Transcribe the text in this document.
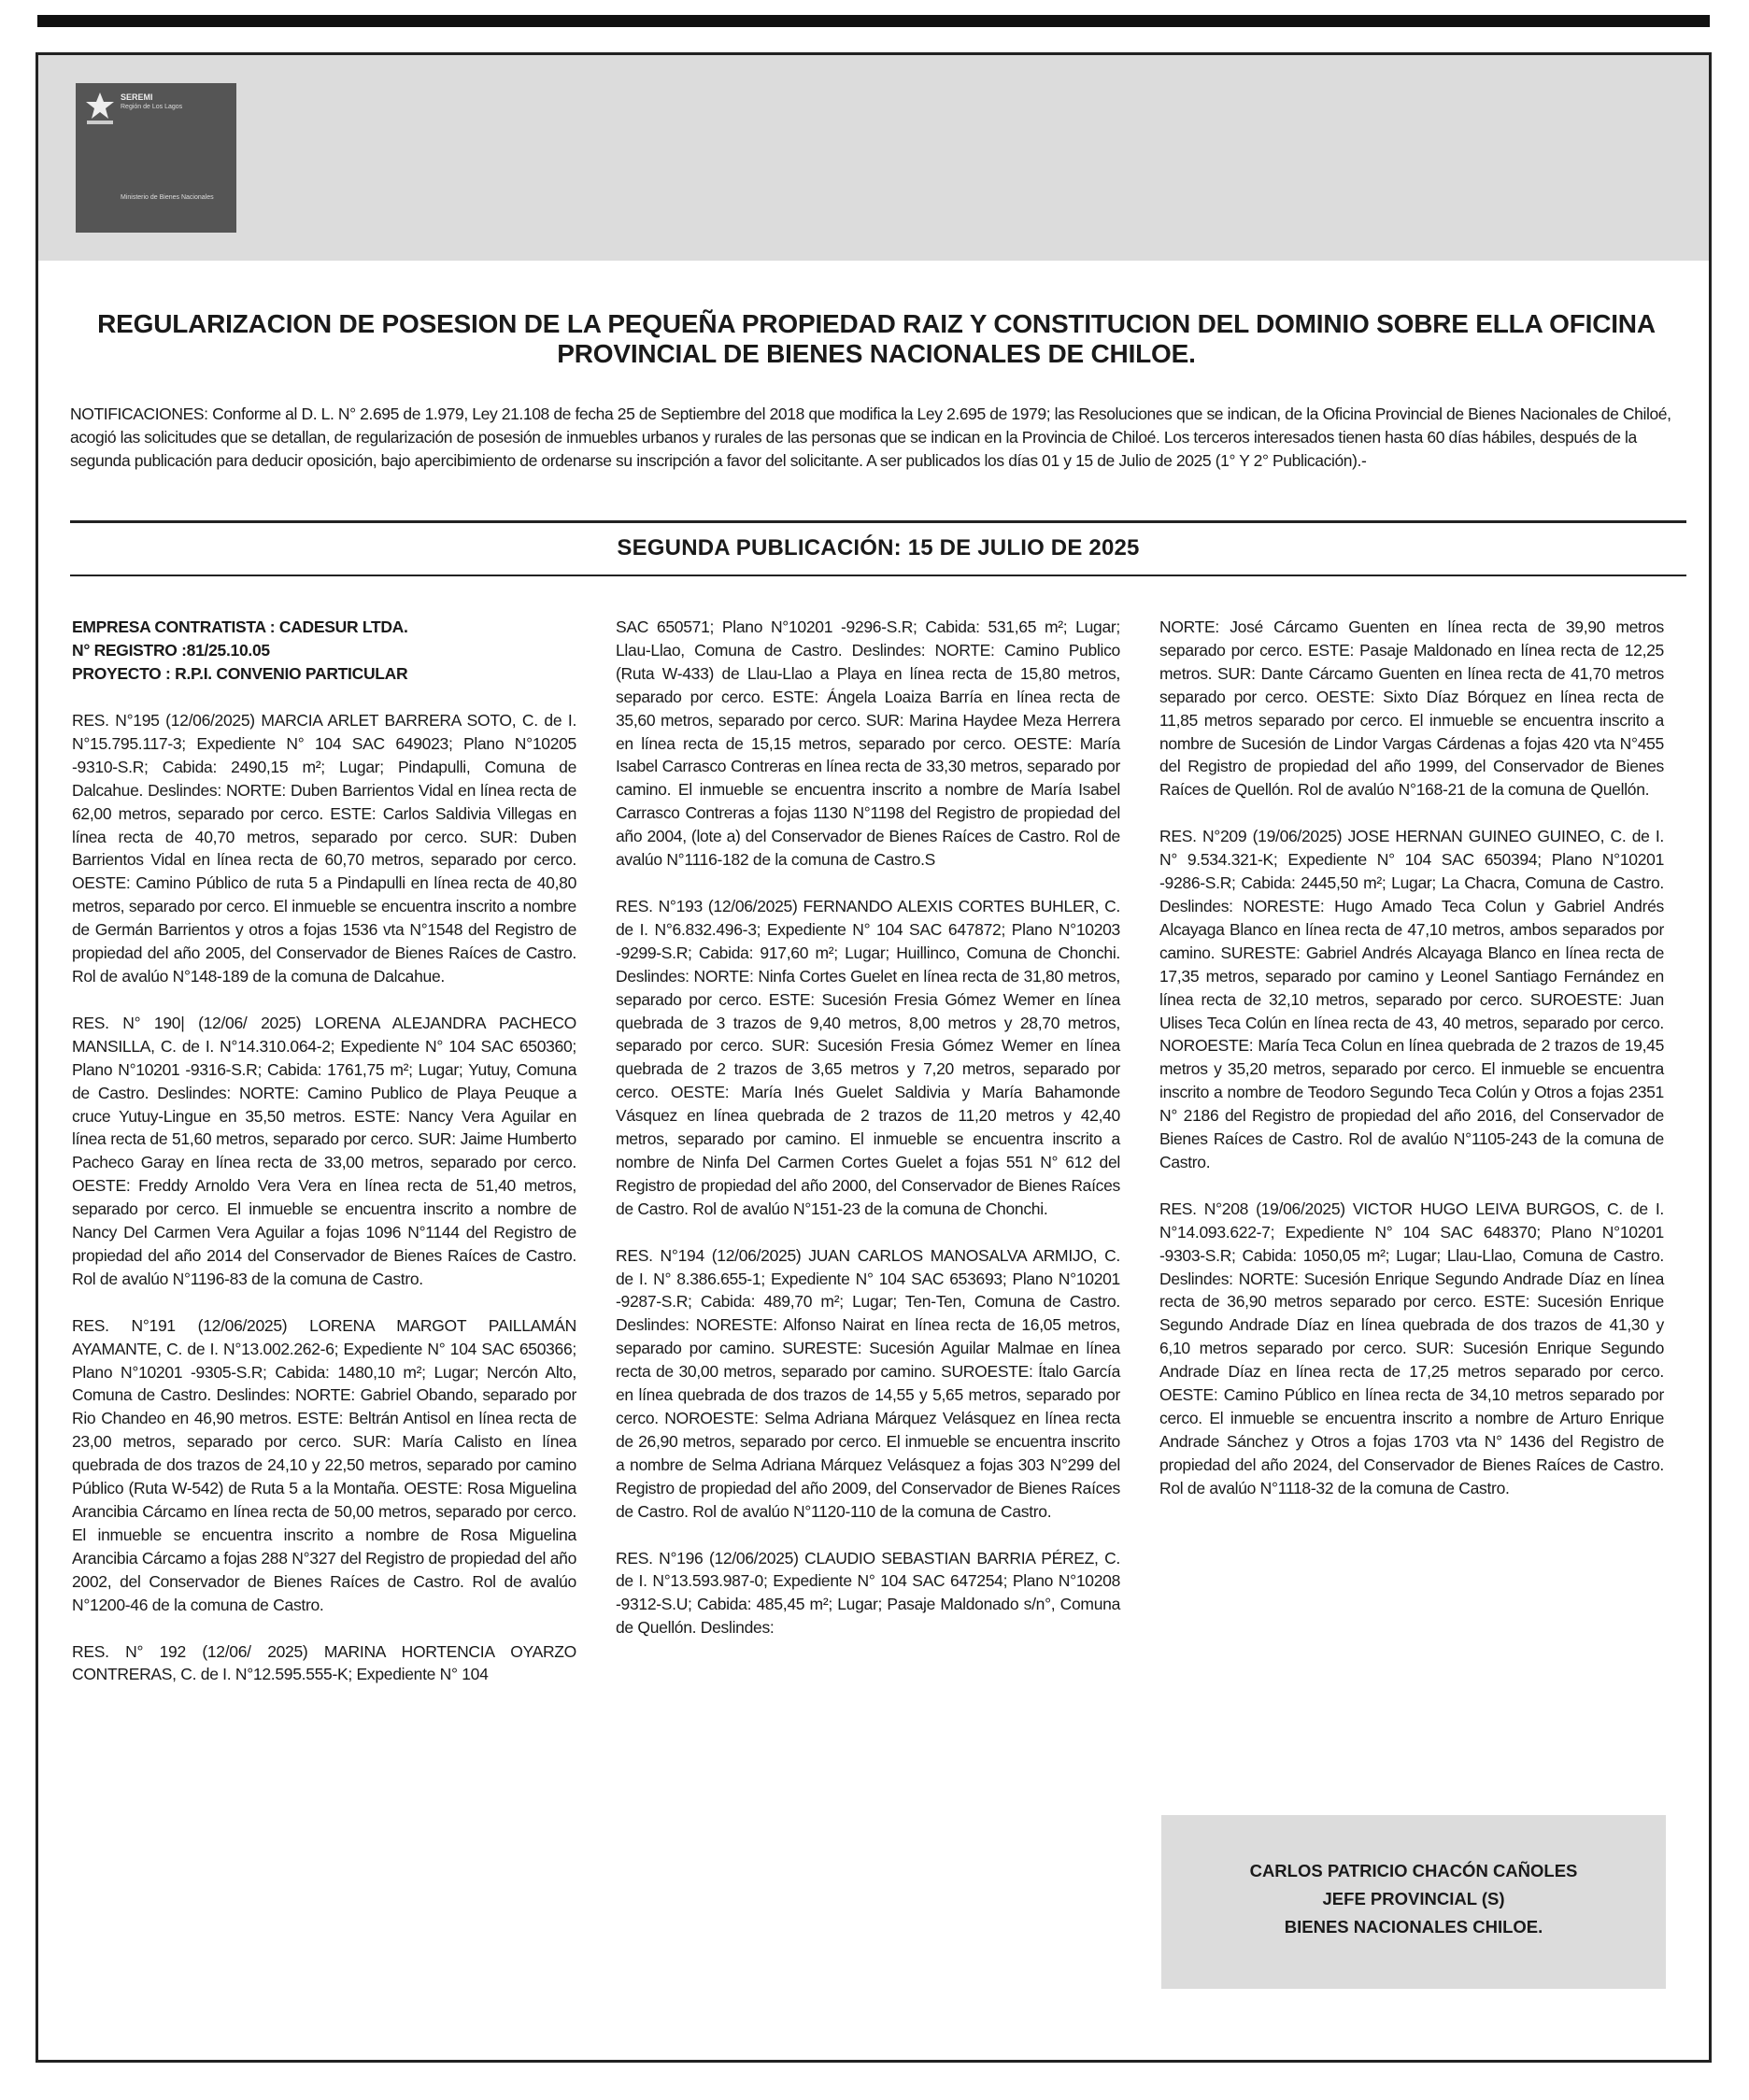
SEREMI
Región de Los Lagos
Ministerio de Bienes Nacionales
REGULARIZACION DE POSESION DE LA PEQUEÑA PROPIEDAD RAIZ Y CONSTITUCION DEL DOMINIO SOBRE ELLA OFICINA PROVINCIAL DE BIENES NACIONALES DE CHILOE.
NOTIFICACIONES: Conforme al D. L. N° 2.695 de 1.979, Ley 21.108 de fecha 25 de Septiembre del 2018 que modifica la Ley 2.695 de 1979; las Resoluciones que se indican, de la Oficina Provincial de Bienes Nacionales de Chiloé, acogió las solicitudes que se detallan, de regularización de posesión de inmuebles urbanos y rurales de las personas que se indican en la Provincia de Chiloé. Los terceros interesados tienen hasta 60 días hábiles, después de la segunda publicación para deducir oposición, bajo apercibimiento de ordenarse su inscripción a favor del solicitante. A ser publicados los días 01 y 15 de Julio de 2025 (1° Y 2° Publicación).-
SEGUNDA PUBLICACIÓN: 15 DE JULIO DE 2025
EMPRESA CONTRATISTA : CADESUR LTDA.
N° REGISTRO :81/25.10.05
PROYECTO : R.P.I. CONVENIO PARTICULAR

RES. N°195 (12/06/2025) MARCIA ARLET BARRERA SOTO, C. de I. N°15.795.117-3; Expediente N° 104 SAC 649023; Plano N°10205 -9310-S.R; Cabida: 2490,15 m²; Lugar; Pindapulli, Comuna de Dalcahue. Deslindes: NORTE: Duben Barrientos Vidal en línea recta de 62,00 metros, separado por cerco. ESTE: Carlos Saldivia Villegas en línea recta de 40,70 metros, separado por cerco. SUR: Duben Barrientos Vidal en línea recta de 60,70 metros, separado por cerco. OESTE: Camino Público de ruta 5 a Pindapulli en línea recta de 40,80 metros, separado por cerco. El inmueble se encuentra inscrito a nombre de Germán Barrientos y otros a fojas 1536 vta N°1548 del Registro de propiedad del año 2005, del Conservador de Bienes Raíces de Castro. Rol de avalúo N°148-189 de la comuna de Dalcahue.

RES. N° 190| (12/06/ 2025) LORENA ALEJANDRA PACHECO MANSILLA, C. de I. N°14.310.064-2; Expediente N° 104 SAC 650360; Plano N°10201 -9316-S.R; Cabida: 1761,75 m²; Lugar; Yutuy, Comuna de Castro. Deslindes: NORTE: Camino Publico de Playa Peuque a cruce Yutuy-Lingue en 35,50 metros. ESTE: Nancy Vera Aguilar en línea recta de 51,60 metros, separado por cerco. SUR: Jaime Humberto Pacheco Garay en línea recta de 33,00 metros, separado por cerco. OESTE: Freddy Arnoldo Vera Vera en línea recta de 51,40 metros, separado por cerco. El inmueble se encuentra inscrito a nombre de Nancy Del Carmen Vera Aguilar a fojas 1096 N°1144 del Registro de propiedad del año 2014 del Conservador de Bienes Raíces de Castro. Rol de avalúo N°1196-83 de la comuna de Castro.

RES. N°191 (12/06/2025) LORENA MARGOT PAILLAMÁN AYAMANTE, C. de I. N°13.002.262-6; Expediente N° 104 SAC 650366; Plano N°10201 -9305-S.R; Cabida: 1480,10 m²; Lugar; Nercón Alto, Comuna de Castro. Deslindes: NORTE: Gabriel Obando, separado por Rio Chandeo en 46,90 metros. ESTE: Beltrán Antisol en línea recta de 23,00 metros, separado por cerco. SUR: María Calisto en línea quebrada de dos trazos de 24,10 y 22,50 metros, separado por camino Público (Ruta W-542) de Ruta 5 a la Montaña. OESTE: Rosa Miguelina Arancibia Cárcamo en línea recta de 50,00 metros, separado por cerco. El inmueble se encuentra inscrito a nombre de Rosa Miguelina Arancibia Cárcamo a fojas 288 N°327 del Registro de propiedad del año 2002, del Conservador de Bienes Raíces de Castro. Rol de avalúo N°1200-46 de la comuna de Castro.

RES. N° 192 (12/06/ 2025) MARINA HORTENCIA OYARZO CONTRERAS, C. de I. N°12.595.555-K; Expediente N° 104

SAC 650571; Plano N°10201 -9296-S.R; Cabida: 531,65 m²; Lugar; Llau-Llao, Comuna de Castro. Deslindes: NORTE: Camino Publico (Ruta W-433) de Llau-Llao a Playa en línea recta de 15,80 metros, separado por cerco. ESTE: Ángela Loaiza Barría en línea recta de 35,60 metros, separado por cerco. SUR: Marina Haydee Meza Herrera en línea recta de 15,15 metros, separado por cerco. OESTE: María Isabel Carrasco Contreras en línea recta de 33,30 metros, separado por camino. El inmueble se encuentra inscrito a nombre de María Isabel Carrasco Contreras a fojas 1130 N°1198 del Registro de propiedad del año 2004, (lote a) del Conservador de Bienes Raíces de Castro. Rol de avalúo N°1116-182 de la comuna de Castro.S

RES. N°193 (12/06/2025) FERNANDO ALEXIS CORTES BUHLER, C. de I. N°6.832.496-3; Expediente N° 104 SAC 647872; Plano N°10203 -9299-S.R; Cabida: 917,60 m²; Lugar; Huillinco, Comuna de Chonchi. Deslindes: NORTE: Ninfa Cortes Guelet en línea recta de 31,80 metros, separado por cerco. ESTE: Sucesión Fresia Gómez Wemer en línea quebrada de 3 trazos de 9,40 metros, 8,00 metros y 28,70 metros, separado por cerco. SUR: Sucesión Fresia Gómez Wemer en línea quebrada de 2 trazos de 3,65 metros y 7,20 metros, separado por cerco. OESTE: María Inés Guelet Saldivia y María Bahamonde Vásquez en línea quebrada de 2 trazos de 11,20 metros y 42,40 metros, separado por camino. El inmueble se encuentra inscrito a nombre de Ninfa Del Carmen Cortes Guelet a fojas 551 N° 612 del Registro de propiedad del año 2000, del Conservador de Bienes Raíces de Castro. Rol de avalúo N°151-23 de la comuna de Chonchi.

RES. N°194 (12/06/2025) JUAN CARLOS MANOSALVA ARMIJO, C. de I. N° 8.386.655-1; Expediente N° 104 SAC 653693; Plano N°10201 -9287-S.R; Cabida: 489,70 m²; Lugar; Ten-Ten, Comuna de Castro. Deslindes: NORESTE: Alfonso Nairat en línea recta de 16,05 metros, separado por camino. SURESTE: Sucesión Aguilar Malmae en línea recta de 30,00 metros, separado por camino. SUROESTE: Ítalo García en línea quebrada de dos trazos de 14,55 y 5,65 metros, separado por cerco. NOROESTE: Selma Adriana Márquez Velásquez en línea recta de 26,90 metros, separado por cerco. El inmueble se encuentra inscrito a nombre de Selma Adriana Márquez Velásquez a fojas 303 N°299 del Registro de propiedad del año 2009, del Conservador de Bienes Raíces de Castro. Rol de avalúo N°1120-110 de la comuna de Castro.

RES. N°196 (12/06/2025) CLAUDIO SEBASTIAN BARRIA PÉREZ, C. de I. N°13.593.987-0; Expediente N° 104 SAC 647254; Plano N°10208 -9312-S.U; Cabida: 485,45 m²; Lugar; Pasaje Maldonado s/n°, Comuna de Quellón. Deslindes:

NORTE: José Cárcamo Guenten en línea recta de 39,90 metros separado por cerco. ESTE: Pasaje Maldonado en línea recta de 12,25 metros. SUR: Dante Cárcamo Guenten en línea recta de 41,70 metros separado por cerco. OESTE: Sixto Díaz Bórquez en línea recta de 11,85 metros separado por cerco. El inmueble se encuentra inscrito a nombre de Sucesión de Lindor Vargas Cárdenas a fojas 420 vta N°455 del Registro de propiedad del año 1999, del Conservador de Bienes Raíces de Quellón. Rol de avalúo N°168-21 de la comuna de Quellón.

RES. N°209 (19/06/2025) JOSE HERNAN GUINEO GUINEO, C. de I. N° 9.534.321-K; Expediente N° 104 SAC 650394; Plano N°10201 -9286-S.R; Cabida: 2445,50 m²; Lugar; La Chacra, Comuna de Castro. Deslindes: NORESTE: Hugo Amado Teca Colun y Gabriel Andrés Alcayaga Blanco en línea recta de 47,10 metros, ambos separados por camino. SURESTE: Gabriel Andrés Alcayaga Blanco en línea recta de 17,35 metros, separado por camino y Leonel Santiago Fernández en línea recta de 32,10 metros, separado por cerco. SUROESTE: Juan Ulises Teca Colún en línea recta de 43, 40 metros, separado por cerco. NOROESTE: María Teca Colun en línea quebrada de 2 trazos de 19,45 metros y 35,20 metros, separado por cerco. El inmueble se encuentra inscrito a nombre de Teodoro Segundo Teca Colún y Otros a fojas 2351 N° 2186 del Registro de propiedad del año 2016, del Conservador de Bienes Raíces de Castro. Rol de avalúo N°1105-243 de la comuna de Castro.

RES. N°208 (19/06/2025) VICTOR HUGO LEIVA BURGOS, C. de I. N°14.093.622-7; Expediente N° 104 SAC 648370; Plano N°10201 -9303-S.R; Cabida: 1050,05 m²; Lugar; Llau-Llao, Comuna de Castro. Deslindes: NORTE: Sucesión Enrique Segundo Andrade Díaz en línea recta de 36,90 metros separado por cerco. ESTE: Sucesión Enrique Segundo Andrade Díaz en línea quebrada de dos trazos de 41,30 y 6,10 metros separado por cerco. SUR: Sucesión Enrique Segundo Andrade Díaz en línea recta de 17,25 metros separado por cerco. OESTE: Camino Público en línea recta de 34,10 metros separado por cerco. El inmueble se encuentra inscrito a nombre de Arturo Enrique Andrade Sánchez y Otros a fojas 1703 vta N° 1436 del Registro de propiedad del año 2024, del Conservador de Bienes Raíces de Castro. Rol de avalúo N°1118-32 de la comuna de Castro.

CARLOS PATRICIO CHACÓN CAÑOLES
JEFE PROVINCIAL (S)
BIENES NACIONALES CHILOE.
